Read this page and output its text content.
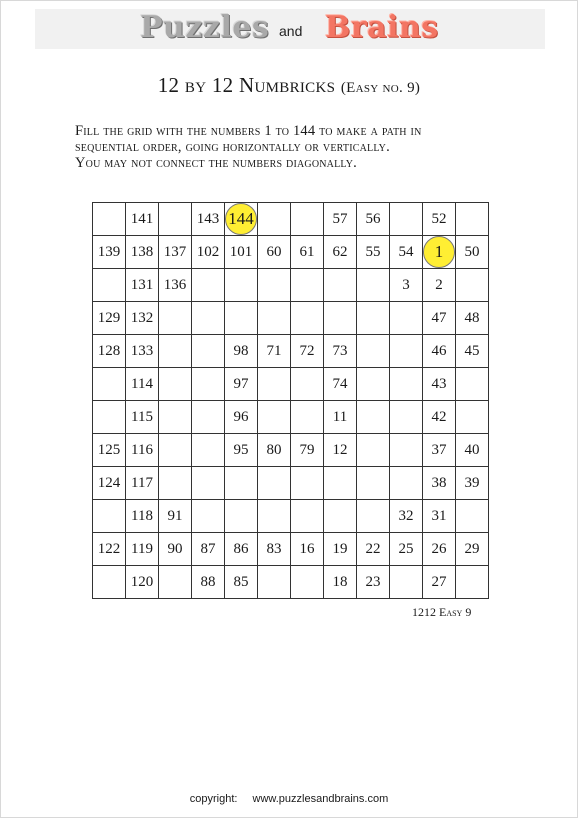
Puzzles and Brains
12 by 12 Numbricks (Easy no. 9)
Fill the grid with the numbers 1 to 144 to make a path in
sequential order, going horizontally or vertically.
You may not connect the numbers diagonally.
	141		143	144			57	56		52	
139	138	137	102	101	60	61	62	55	54	1	50
	131	136							3	2	
129	132									47	48
128	133			98	71	72	73			46	45
	114			97			74			43	
	115			96			11			42	
125	116			95	80	79	12			37	40
124	117									38	39
	118	91							32	31	
122	119	90	87	86	83	16	19	22	25	26	29
	120		88	85			18	23		27	
1212 Easy 9
copyright: www.puzzlesandbrains.com
